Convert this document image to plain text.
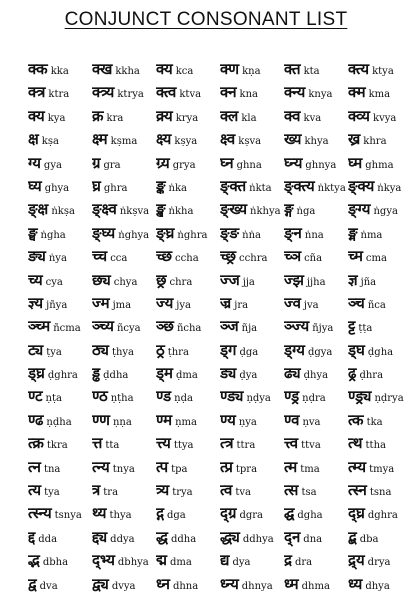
CONJUNCT CONSONANT LIST
क्क kka क्ख kkha क्य kca क्ण kṇa क्त kta क्त्य ktya
क्त्र ktra क्त्र्य ktrya क्त्व ktva क्न kna क्न्य knya क्म kma
क्य kya क्र kra क्र्य krya क्ल kla क्व kva क्व्य kvya
क्ष kṣa क्ष्म kṣma क्ष्य kṣya क्ष्व kṣva ख्य khya ख्र khra
ग्य gya ग्र gra ग्र्य grya घ्न ghna घ्न्य ghnya घ्म ghma
घ्य ghya घ्र ghra ङ्क ṅka ङ्क्त ṅkta ङ्क्त्य ṅktya ङ्क्य ṅkya
ङ्क्ष ṅkṣa ङ्क्ष्व ṅkṣva ङ्ख ṅkha ङ्ख्य ṅkhya ङ्ग ṅga ङ्ग्य ṅgya
ङ्घ ṅgha ङ्घ्य ṅghya ङ्घ्र ṅghra ङ्ङ ṅṅa ङ्न ṅna ङ्म ṅma
ङ्य ṅya च्च cca च्छ ccha च्छ्र cchra च्ञ cña च्म cma
च्य cya छ्य chya छ्र chra ज्ज jja ज्झ jjha ज्ञ jña
ज्ञ्य jñya ज्म jma ज्य jya ज्र jra ज्व jva ञ्च ñca
ञ्च्म ñcma ञ्च्य ñcya ञ्छ ñcha ञ्ज ñja ञ्ज्य ñjya ट्ट ṭṭa
ट्य ṭya ठ्य ṭhya ठ्र ṭhra ड्ग ḍga ड्ग्य ḍgya ड्घ ḍgha
ड्घ्र ḍghra ड्ढ ḍdha ड्म ḍma ड्य ḍya ढ्य ḍhya ढ्र ḍhra
ण्ट ṇṭa ण्ठ ṇṭha ण्ड ṇḍa ण्ड्य ṇḍya ण्ड्र ṇḍra ण्ड्र्य ṇḍrya
ण्ढ ṇḍha ण्ण ṇṇa ण्म ṇma ण्य ṇya ण्व ṇva त्क tka
त्क्र tkra त्त tta त्त्य ttya त्त्र ttra त्त्व ttva त्थ ttha
त्न tna त्न्य tnya त्प tpa त्प्र tpra त्म tma त्म्य tmya
त्य tya त्र tra	त्र्य trya त्व tva त्स tsa त्स्न tsna
त्स्न्य tsnya थ्य thya द्ग dga द्ग्र dgra द्घ dgha द्घ्र dghra
द्द dda द्द्य ddya द्ध ddha द्ध्य ddhya द्न dna द्ब dba
द्भ dbha द्भ्य dbhya द्म dma द्य dya द्र dra द्र्य drya
द्व dva द्व्य dvya ध्न dhna ध्न्य dhnya ध्म dhma ध्य dhya
